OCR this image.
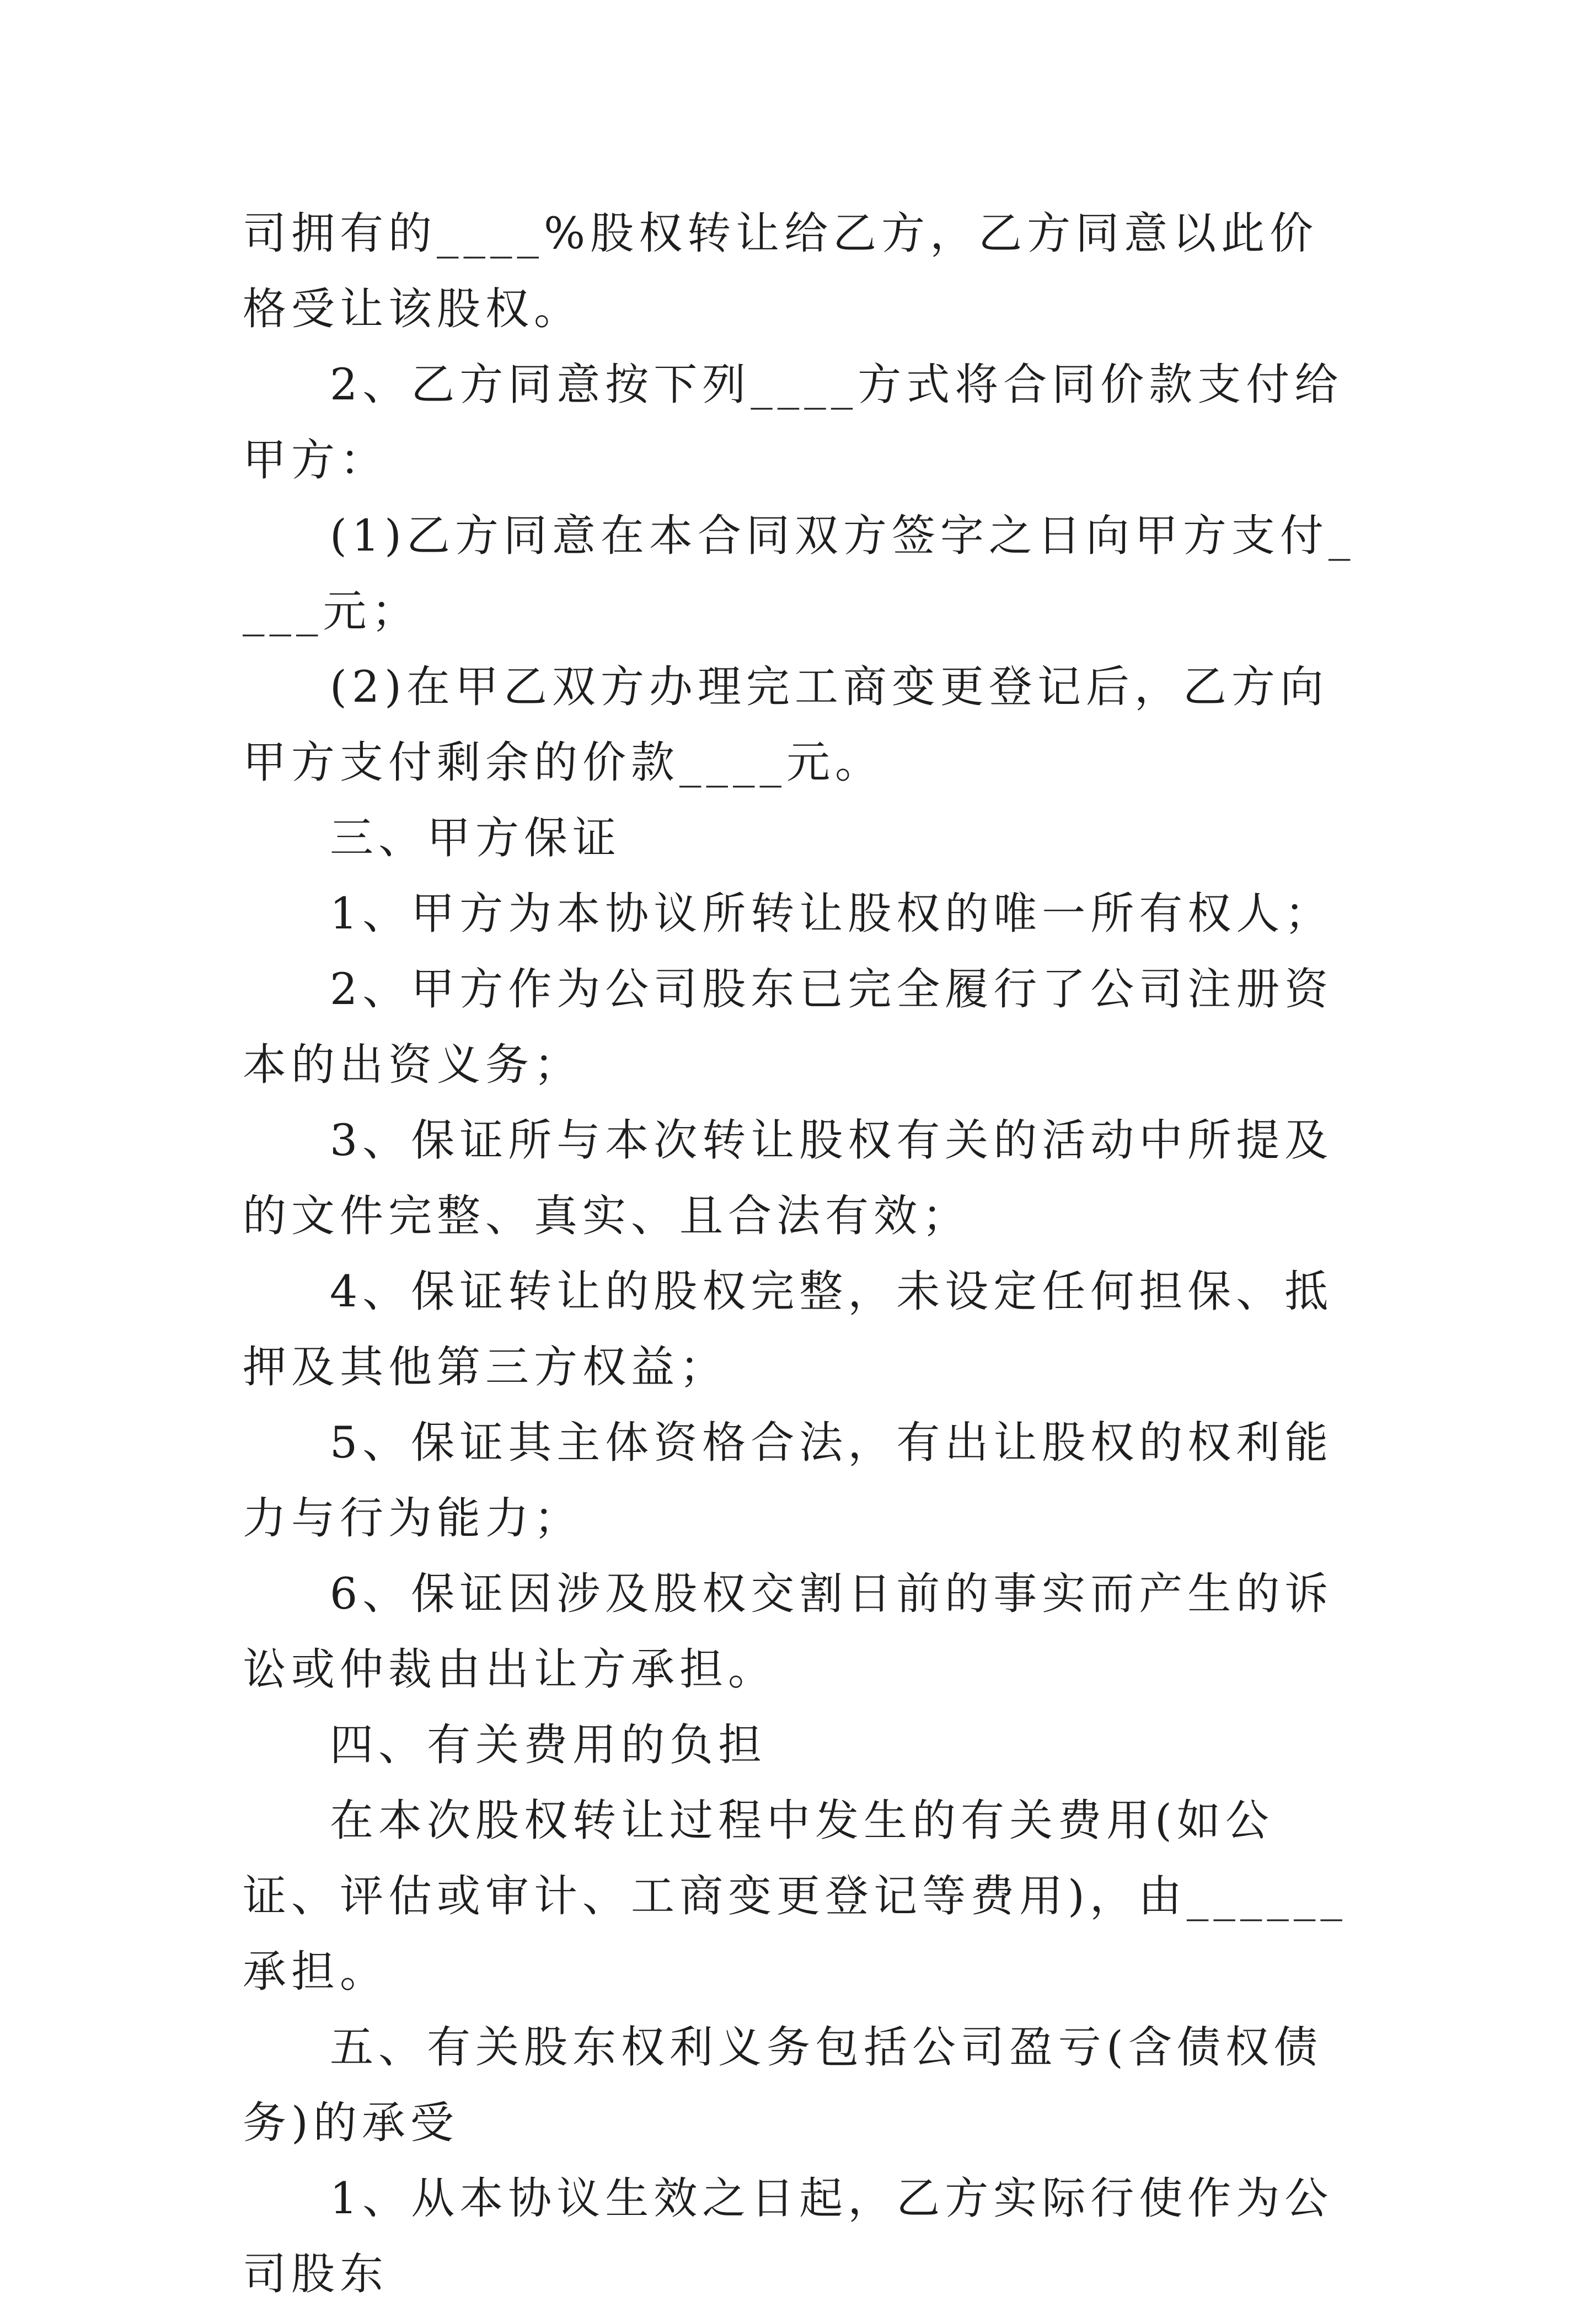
司拥有的____%股权转让给乙方，乙方同意以此价格受让该股权。

2、乙方同意按下列____方式将合同价款支付给甲方：

(1)乙方同意在本合同双方签字之日向甲方支付____元；

(2)在甲乙双方办理完工商变更登记后，乙方向甲方支付剩余的价款____元。

三、甲方保证

1、甲方为本协议所转让股权的唯一所有权人；

2、甲方作为公司股东已完全履行了公司注册资本的出资义务；

3、保证所与本次转让股权有关的活动中所提及的文件完整、真实、且合法有效；

4、保证转让的股权完整，未设定任何担保、抵押及其他第三方权益；

5、保证其主体资格合法，有出让股权的权利能力与行为能力；

6、保证因涉及股权交割日前的事实而产生的诉讼或仲裁由出让方承担。

四、有关费用的负担

在本次股权转让过程中发生的有关费用(如公证、评估或审计、工商变更登记等费用)，由______承担。

五、有关股东权利义务包括公司盈亏(含债权债务)的承受

1、从本协议生效之日起，乙方实际行使作为公司股东
